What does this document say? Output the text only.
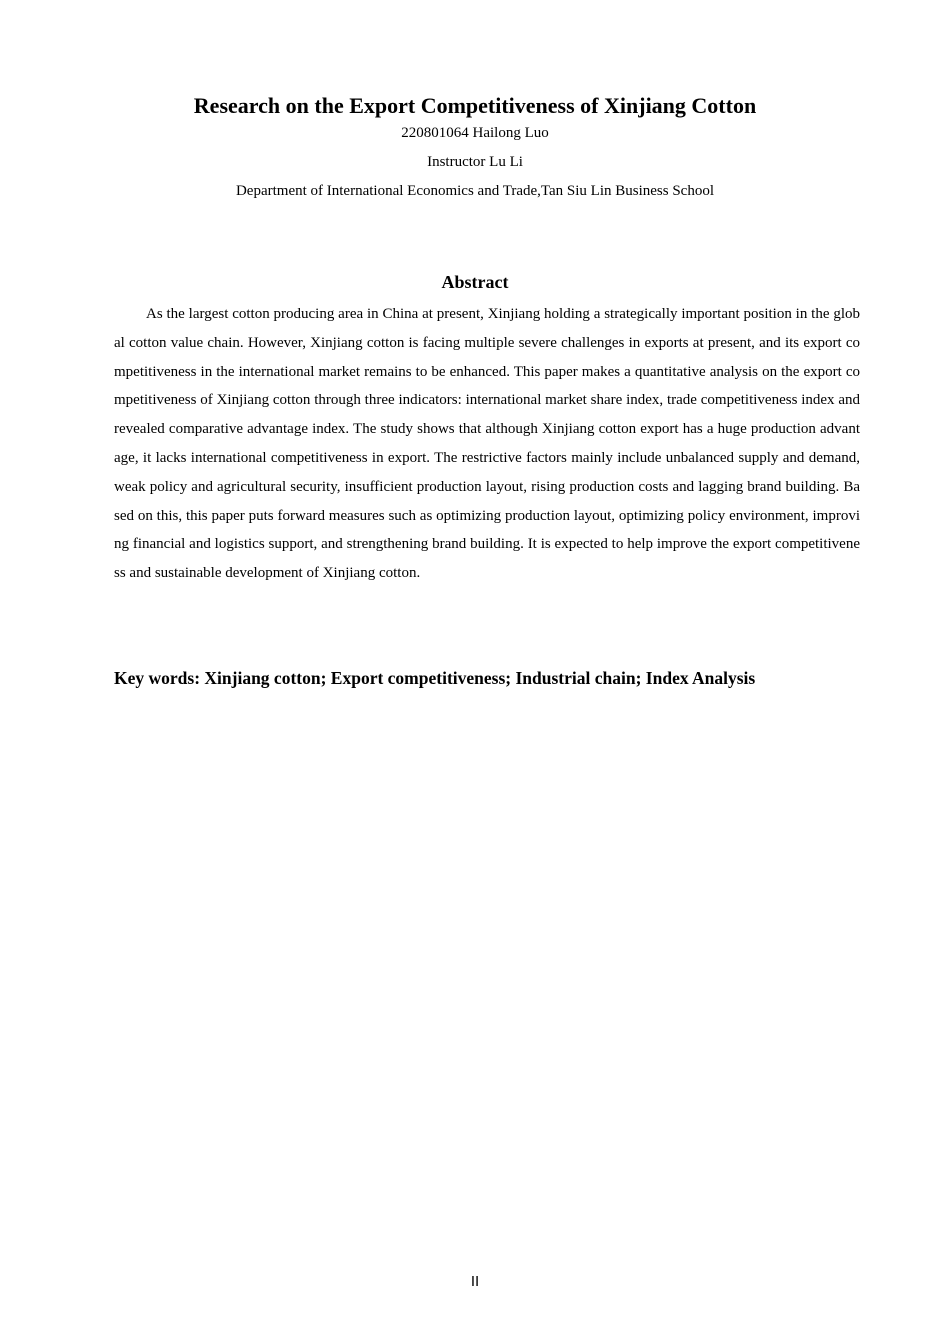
Research on the Export Competitiveness of Xinjiang Cotton

220801064 Hailong Luo

Instructor Lu Li

Department of International Economics and Trade,Tan Siu Lin Business School

Abstract

As the largest cotton producing area in China at present, Xinjiang holding a strategically important position in the global cotton value chain. However, Xinjiang cotton is facing multiple severe challenges in exports at present, and its export competitiveness in the international market remains to be enhanced. This paper makes a quantitative analysis on the export competitiveness of Xinjiang cotton through three indicators: international market share index, trade competitiveness index and revealed comparative advantage index. The study shows that although Xinjiang cotton export has a huge production advantage, it lacks international competitiveness in export. The restrictive factors mainly include unbalanced supply and demand, weak policy and agricultural security, insufficient production layout, rising production costs and lagging brand building. Based on this, this paper puts forward measures such as optimizing production layout, optimizing policy environment, improving financial and logistics support, and strengthening brand building. It is expected to help improve the export competitiveness and sustainable development of Xinjiang cotton.

Key words: Xinjiang cotton; Export competitiveness; Industrial chain; Index Analysis

II
